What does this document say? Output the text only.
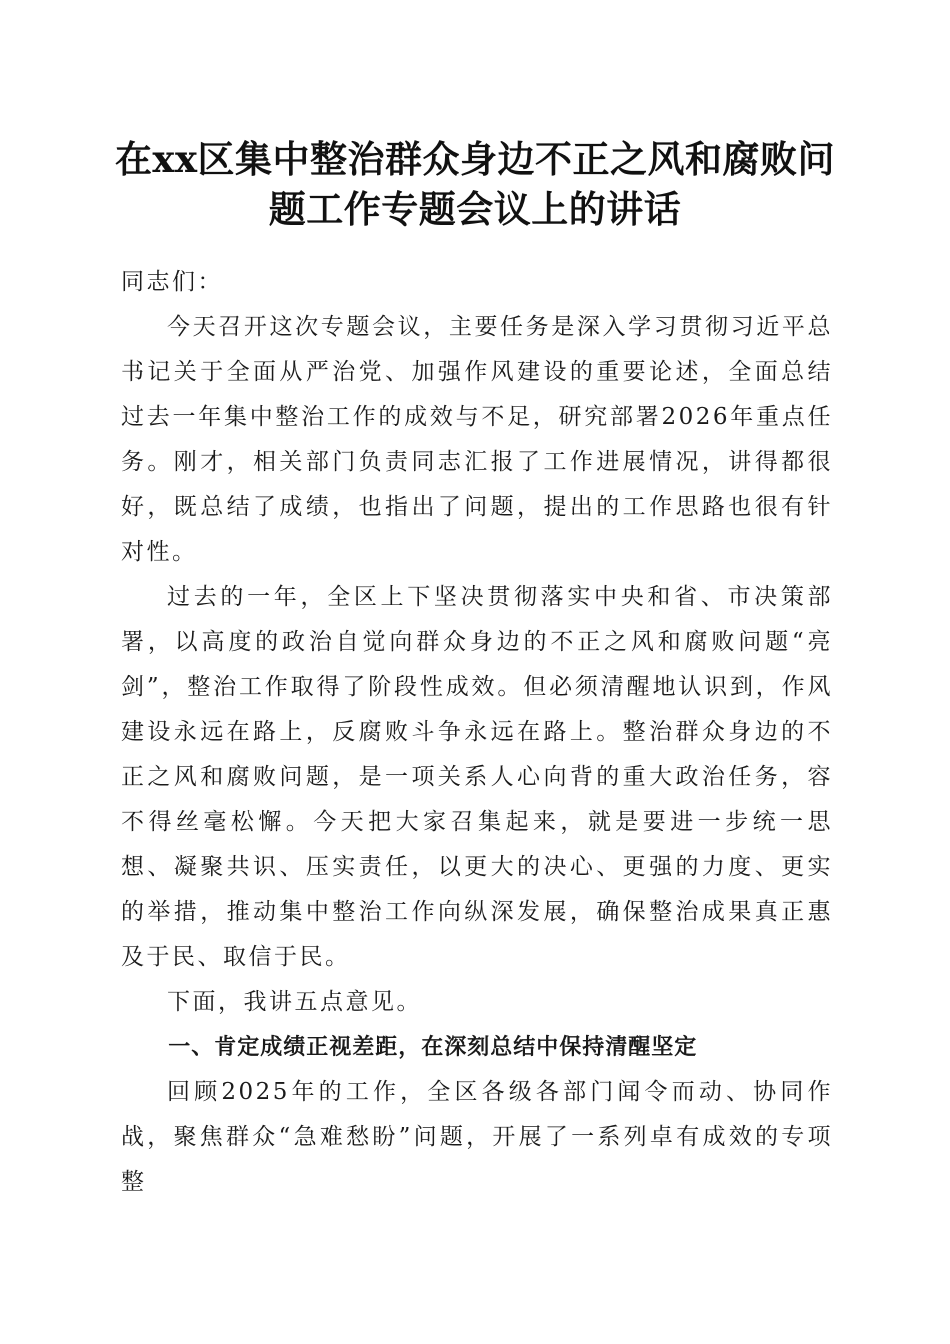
在xx区集中整治群众身边不正之风和腐败问题工作专题会议上的讲话

同志们：

今天召开这次专题会议，主要任务是深入学习贯彻习近平总书记关于全面从严治党、加强作风建设的重要论述，全面总结过去一年集中整治工作的成效与不足，研究部署2026年重点任务。刚才，相关部门负责同志汇报了工作进展情况，讲得都很好，既总结了成绩，也指出了问题，提出的工作思路也很有针对性。

过去的一年，全区上下坚决贯彻落实中央和省、市决策部署，以高度的政治自觉向群众身边的不正之风和腐败问题“亮剑”，整治工作取得了阶段性成效。但必须清醒地认识到，作风建设永远在路上，反腐败斗争永远在路上。整治群众身边的不正之风和腐败问题，是一项关系人心向背的重大政治任务，容不得丝毫松懈。今天把大家召集起来，就是要进一步统一思想、凝聚共识、压实责任，以更大的决心、更强的力度、更实的举措，推动集中整治工作向纵深发展，确保整治成果真正惠及于民、取信于民。

下面，我讲五点意见。

一、肯定成绩正视差距，在深刻总结中保持清醒坚定

回顾2025年的工作，全区各级各部门闻令而动、协同作战，聚焦群众“急难愁盼”问题，开展了一系列卓有成效的专项整
